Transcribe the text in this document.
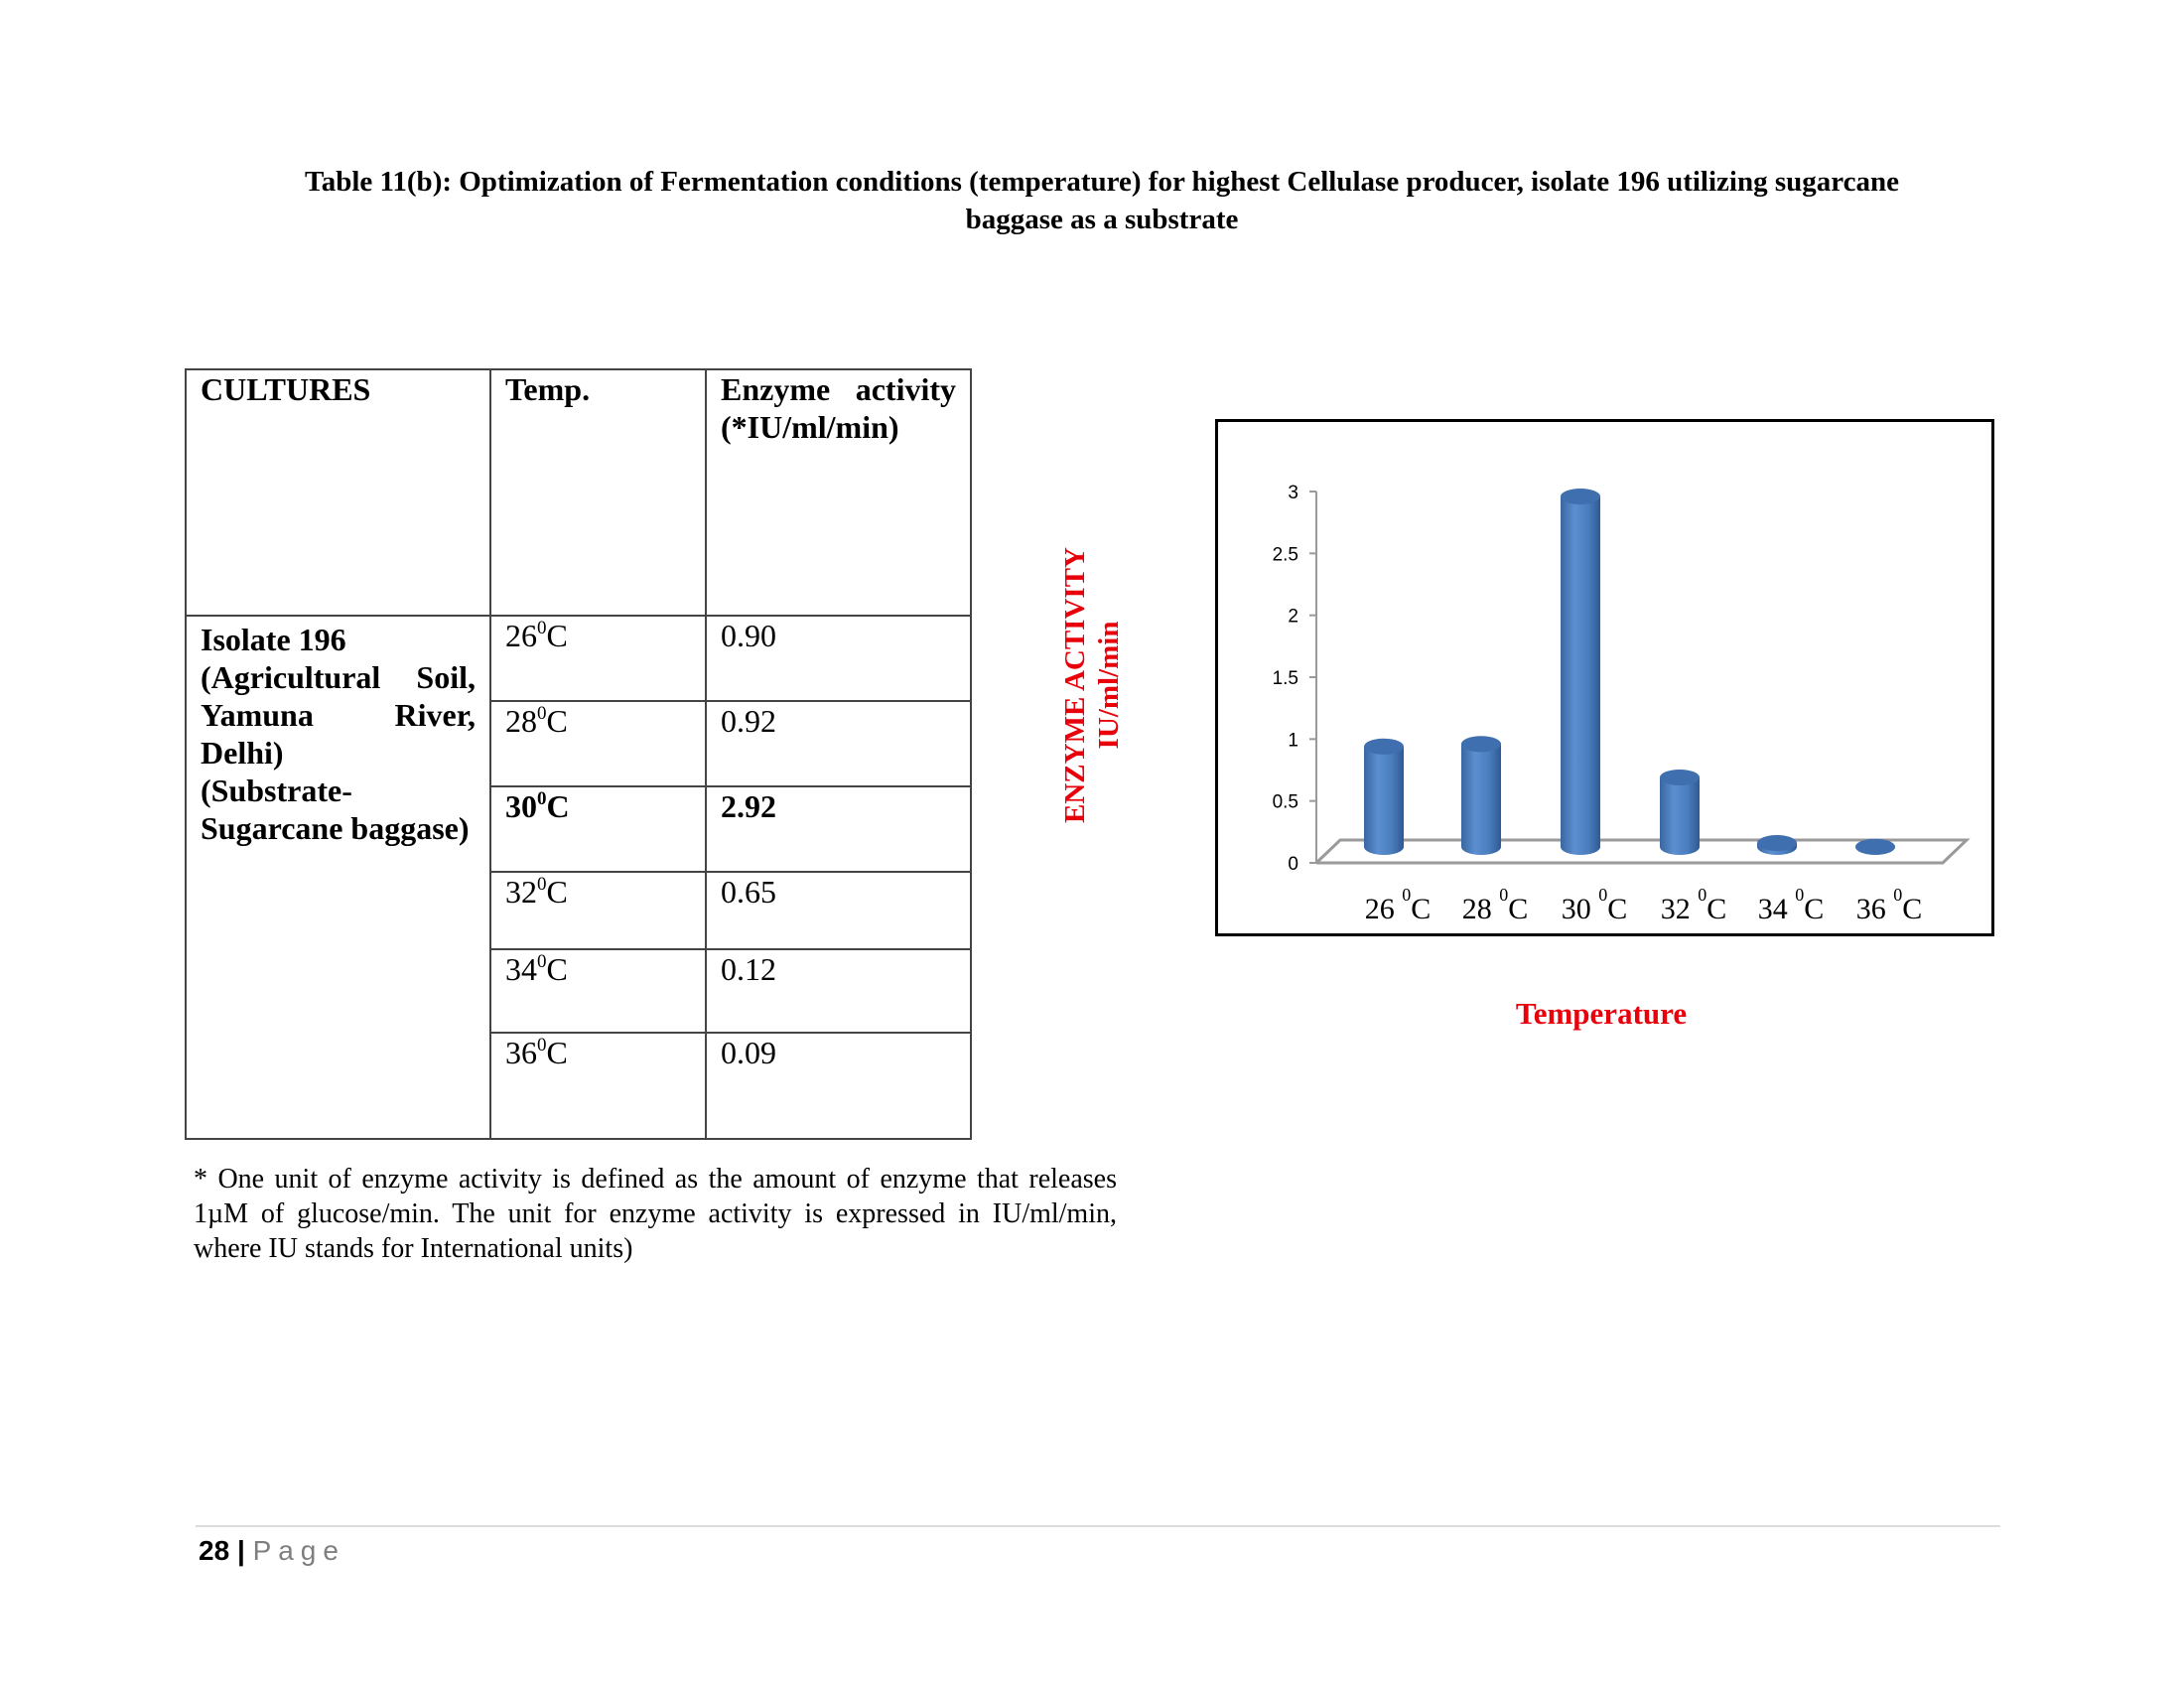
Table 11(b): Optimization of Fermentation conditions (temperature) for highest Cellulase producer, isolate 196 utilizing sugarcane
baggase as a substrate
CULTURES	Temp.	Enzyme activity (*IU/ml/min)

Isolate 196
(Agricultural Soil, Yamuna River, Delhi)
(Substrate- Sugarcane baggase)	$26^0C$	0.90
	$28^0C$	0.92
	$30^0C$	2.92
	$32^0C$	0.65
	$34^0C$	0.12
	$36^0C$	0.09
* One unit of enzyme activity is defined as the amount of enzyme that releases 1µM of glucose/min. The unit for enzyme activity is expressed in IU/ml/min, where IU stands for International units)
ENZYME ACTIVITY IU/ml/min
0
0.5
1
1.5
2
2.5
3
26 $^0$C 28 $^0$C 30 $^0$C 32 $^0$C 34 $^0$C 36 $^0$C
Temperature
28 | Page
